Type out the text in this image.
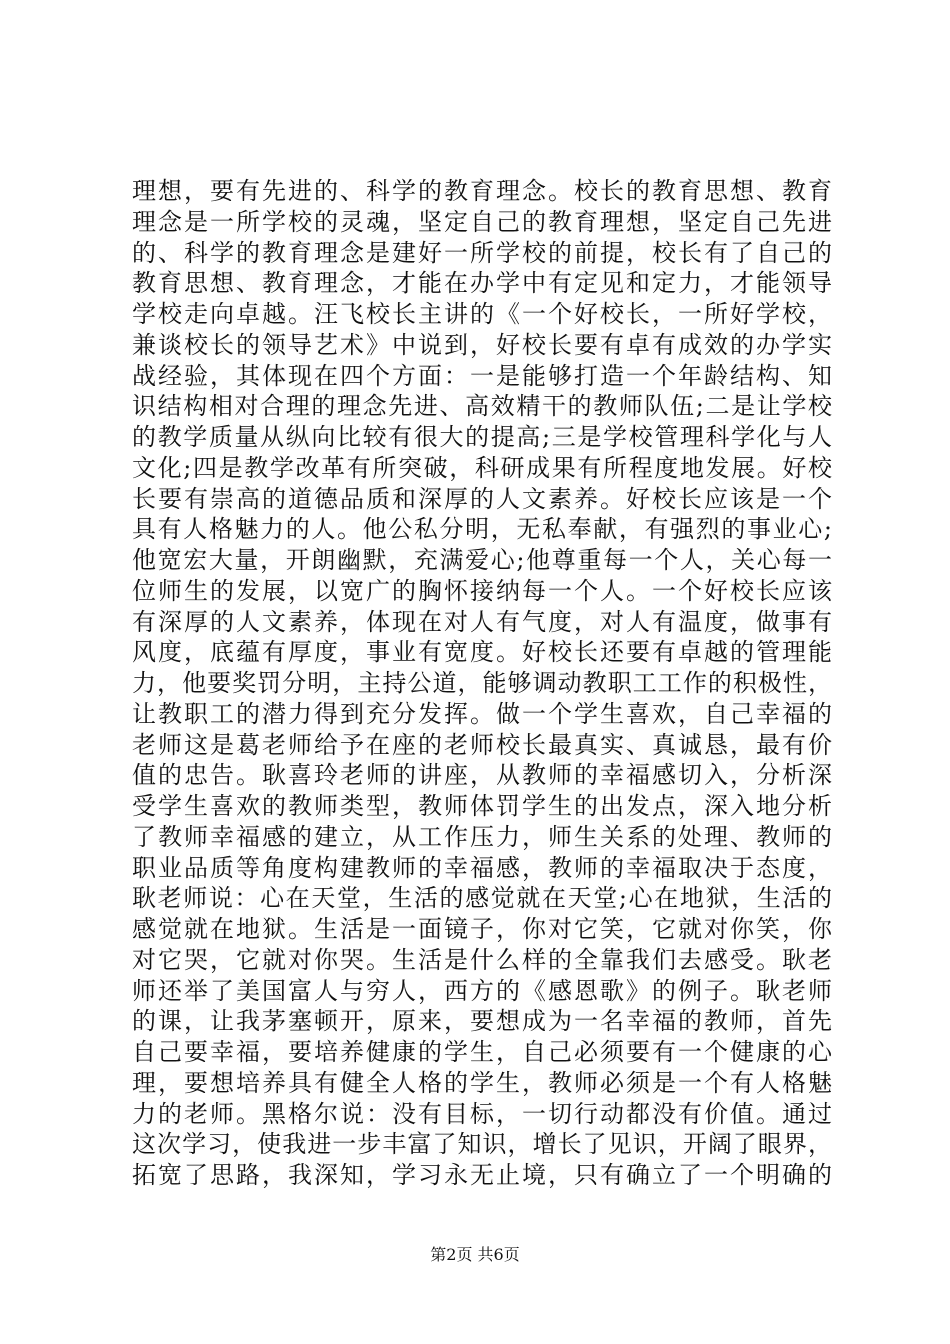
理想，要有先进的、科学的教育理念。校长的教育思想、教育
理念是一所学校的灵魂，坚定自己的教育理想，坚定自己先进
的、科学的教育理念是建好一所学校的前提，校长有了自己的
教育思想、教育理念，才能在办学中有定见和定力，才能领导
学校走向卓越。汪飞校长主讲的《一个好校长，一所好学校，
兼谈校长的领导艺术》中说到，好校长要有卓有成效的办学实
战经验，其体现在四个方面：一是能够打造一个年龄结构、知
识结构相对合理的理念先进、高效精干的教师队伍;二是让学校
的教学质量从纵向比较有很大的提高;三是学校管理科学化与人
文化;四是教学改革有所突破，科研成果有所程度地发展。好校
长要有崇高的道德品质和深厚的人文素养。好校长应该是一个
具有人格魅力的人。他公私分明，无私奉献，有强烈的事业心;
他宽宏大量，开朗幽默，充满爱心;他尊重每一个人，关心每一
位师生的发展，以宽广的胸怀接纳每一个人。一个好校长应该
有深厚的人文素养，体现在对人有气度，对人有温度，做事有
风度，底蕴有厚度，事业有宽度。好校长还要有卓越的管理能
力，他要奖罚分明，主持公道，能够调动教职工工作的积极性，
让教职工的潜力得到充分发挥。做一个学生喜欢，自己幸福的
老师这是葛老师给予在座的老师校长最真实、真诚恳，最有价
值的忠告。耿喜玲老师的讲座，从教师的幸福感切入，分析深
受学生喜欢的教师类型，教师体罚学生的出发点，深入地分析
了教师幸福感的建立，从工作压力，师生关系的处理、教师的
职业品质等角度构建教师的幸福感，教师的幸福取决于态度，
耿老师说：心在天堂，生活的感觉就在天堂;心在地狱，生活的
感觉就在地狱。生活是一面镜子，你对它笑，它就对你笑，你
对它哭，它就对你哭。生活是什么样的全靠我们去感受。耿老
师还举了美国富人与穷人，西方的《感恩歌》的例子。耿老师
的课，让我茅塞顿开，原来，要想成为一名幸福的教师，首先
自己要幸福，要培养健康的学生，自己必须要有一个健康的心
理，要想培养具有健全人格的学生，教师必须是一个有人格魅
力的老师。黑格尔说：没有目标，一切行动都没有价值。通过
这次学习，使我进一步丰富了知识，增长了见识，开阔了眼界，
拓宽了思路，我深知，学习永无止境，只有确立了一个明确的
第2页 共6页
